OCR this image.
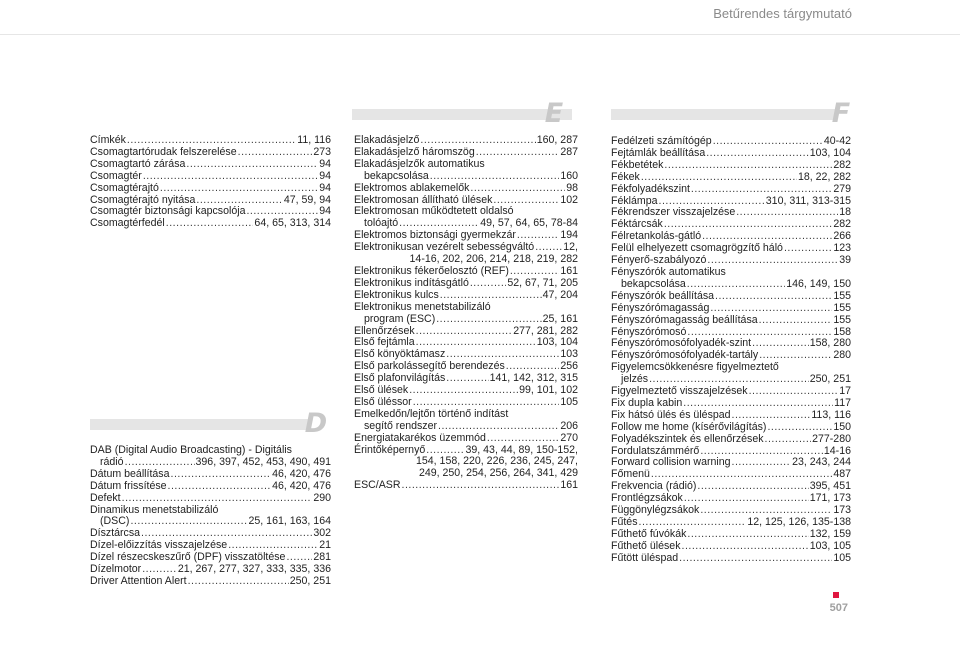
Betűrendes tárgymutató
E	F
D
Címkék .....	11, 116
Csomagtartórudak felszerelése .....	273
Csomagtartó zárása .....	94
Csomagtér .....	94
Csomagtérajtó .....	94
Csomagtérajtó nyitása .....	47, 59, 94
Csomagtér biztonsági kapcsolója .....	94
Csomagtérfedél .....	64, 65, 313, 314
DAB (Digital Audio Broadcasting) - Digitális
rádió .....	396, 397, 452, 453, 490, 491
Dátum beállítása .....	46, 420, 476
Dátum frissítése .....	46, 420, 476
Defekt .....	290
Dinamikus menetstabilizáló
(DSC) .....	25, 161, 163, 164
Dísztárcsa .....	302
Dízel-előizzítás visszajelzése .....	21
Dízel részecskeszűrő (DPF) visszatöltése .....	281
Dízelmotor .....	21, 267, 277, 327, 333, 335, 336
Driver Attention Alert .....	250, 251
Elakadásjelző .....	160, 287
Elakadásjelző háromszög .....	287
Elakadásjelzők automatikus
bekapcsolása .....	160
Elektromos ablakemelők .....	98
Elektromosan állítható ülések .....	102
Elektromosan működtetett oldalsó
tolóajtó .....	49, 57, 64, 65, 78-84
Elektromos biztonsági gyermekzár .....	194
Elektronikusan vezérelt sebességváltó .....	12,
14-16, 202, 206, 214, 218, 219, 282
Elektronikus fékerőelosztó (REF) .....	161
Elektronikus indításgátló .....	52, 67, 71, 205
Elektronikus kulcs .....	47, 204
Elektronikus menetstabilizáló
program (ESC) .....	25, 161
Ellenőrzések .....	277, 281, 282
Első fejtámla .....	103, 104
Első könyöktámasz .....	103
Első parkolássegítő berendezés .....	256
Első plafonvilágítás .....	141, 142, 312, 315
Első ülések .....	99, 101, 102
Első üléssor .....	105
Emelkedőn/lejtőn történő indítást
segítő rendszer .....	206
Energiatakarékos üzemmód .....	270
Érintőképernyő .....	39, 43, 44, 89, 150-152,
154, 158, 220, 226, 236, 245, 247,
249, 250, 254, 256, 264, 341, 429
ESC/ASR .....	161
Fedélzeti számítógép .....	40-42
Fejtámlák beállítása .....	103, 104
Fékbetétek .....	282
Fékek .....	18, 22, 282
Fékfolyadékszint .....	279
Féklámpa .....	310, 311, 313-315
Fékrendszer visszajelzése .....	18
Féktárcsák .....	282
Félretankolás-gátló .....	266
Felül elhelyezett csomagrögzítő háló .....	123
Fényerő-szabályozó .....	39
Fényszórók automatikus
bekapcsolása .....	146, 149, 150
Fényszórók beállítása .....	155
Fényszórómagasság .....	155
Fényszórómagasság beállítása .....	155
Fényszórómosó .....	158
Fényszórómosófolyadék-szint .....	158, 280
Fényszórómosófolyadék-tartály .....	280
Figyelemcsökkenésre figyelmeztető
jelzés .....	250, 251
Figyelmeztető visszajelzések .....	17
Fix dupla kabin .....	117
Fix hátsó ülés és üléspad .....	113, 116
Follow me home (kísérővilágítás) .....	150
Folyadékszintek és ellenőrzések .....	277-280
Fordulatszámmérő .....	14-16
Forward collision warning .....	23, 243, 244
Főmenü .....	487
Frekvencia (rádió) .....	395, 451
Frontlégzsákok .....	171, 173
Függönylégzsákok .....	173
Fűtés .....	12, 125, 126, 135-138
Fűthető fúvókák .....	132, 159
Fűthető ülések .....	103, 105
Fűtött üléspad .....	105
507
